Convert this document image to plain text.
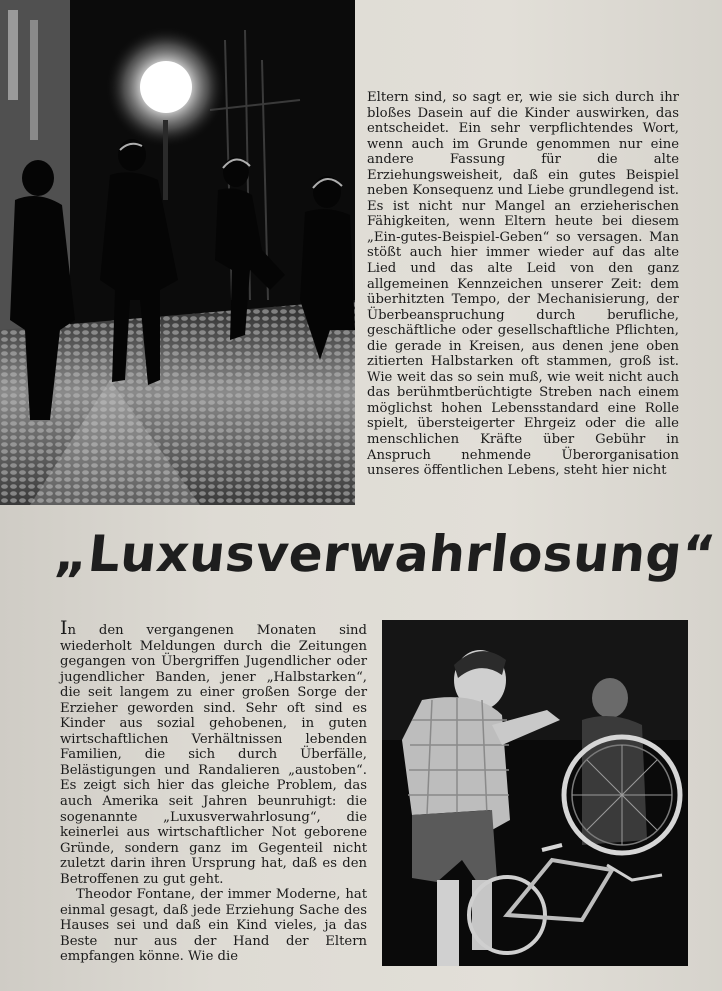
Eltern sind, so sagt er, wie sie sich durch ihr bloßes Dasein auf die Kinder auswirken, das entscheidet. Ein sehr verpflichtendes Wort, wenn auch im Grunde genommen nur eine andere Fassung für die alte Erziehungsweisheit, daß ein gutes Beispiel neben Konsequenz und Liebe grundlegend ist. Es ist nicht nur Mangel an erzieherischen Fähigkeiten, wenn Eltern heute bei diesem „Ein-gutes-Beispiel-Geben“ so versagen. Man stößt auch hier immer wieder auf das alte Lied und das alte Leid von den ganz allgemeinen Kennzeichen unserer Zeit: dem überhitzten Tempo, der Mechanisierung, der Überbeanspruchung durch berufliche, geschäftliche oder gesellschaftliche Pflichten, die gerade in Kreisen, aus denen jene oben zitierten Halbstarken oft stammen, groß ist. Wie weit das so sein muß, wie weit nicht auch das berühmtberüchtigte Streben nach einem möglichst hohen Lebensstandard eine Rolle spielt, übersteigerter Ehrgeiz oder die alle menschlichen Kräfte über Gebühr in Anspruch nehmende Überorganisation unseres öffentlichen Lebens, steht hier nicht

„Luxusverwahrlosung“

In den vergangenen Monaten sind wiederholt Meldungen durch die Zeitungen gegangen von Übergriffen Jugendlicher oder jugendlicher Banden, jener „Halbstarken“, die seit langem zu einer großen Sorge der Erzieher geworden sind. Sehr oft sind es Kinder aus sozial gehobenen, in guten wirtschaftlichen Verhältnissen lebenden Familien, die sich durch Überfälle, Belästigungen und Randalieren „austoben“. Es zeigt sich hier das gleiche Problem, das auch Amerika seit Jahren beunruhigt: die sogenannte „Luxusverwahrlosung“, die keinerlei aus wirtschaftlicher Not geborene Gründe, sondern ganz im Gegenteil nicht zuletzt darin ihren Ursprung hat, daß es den Betroffenen zu gut geht.

Theodor Fontane, der immer Moderne, hat einmal gesagt, daß jede Erziehung Sache des Hauses sei und daß ein Kind vieles, ja das Beste nur aus der Hand der Eltern empfangen könne. Wie die
